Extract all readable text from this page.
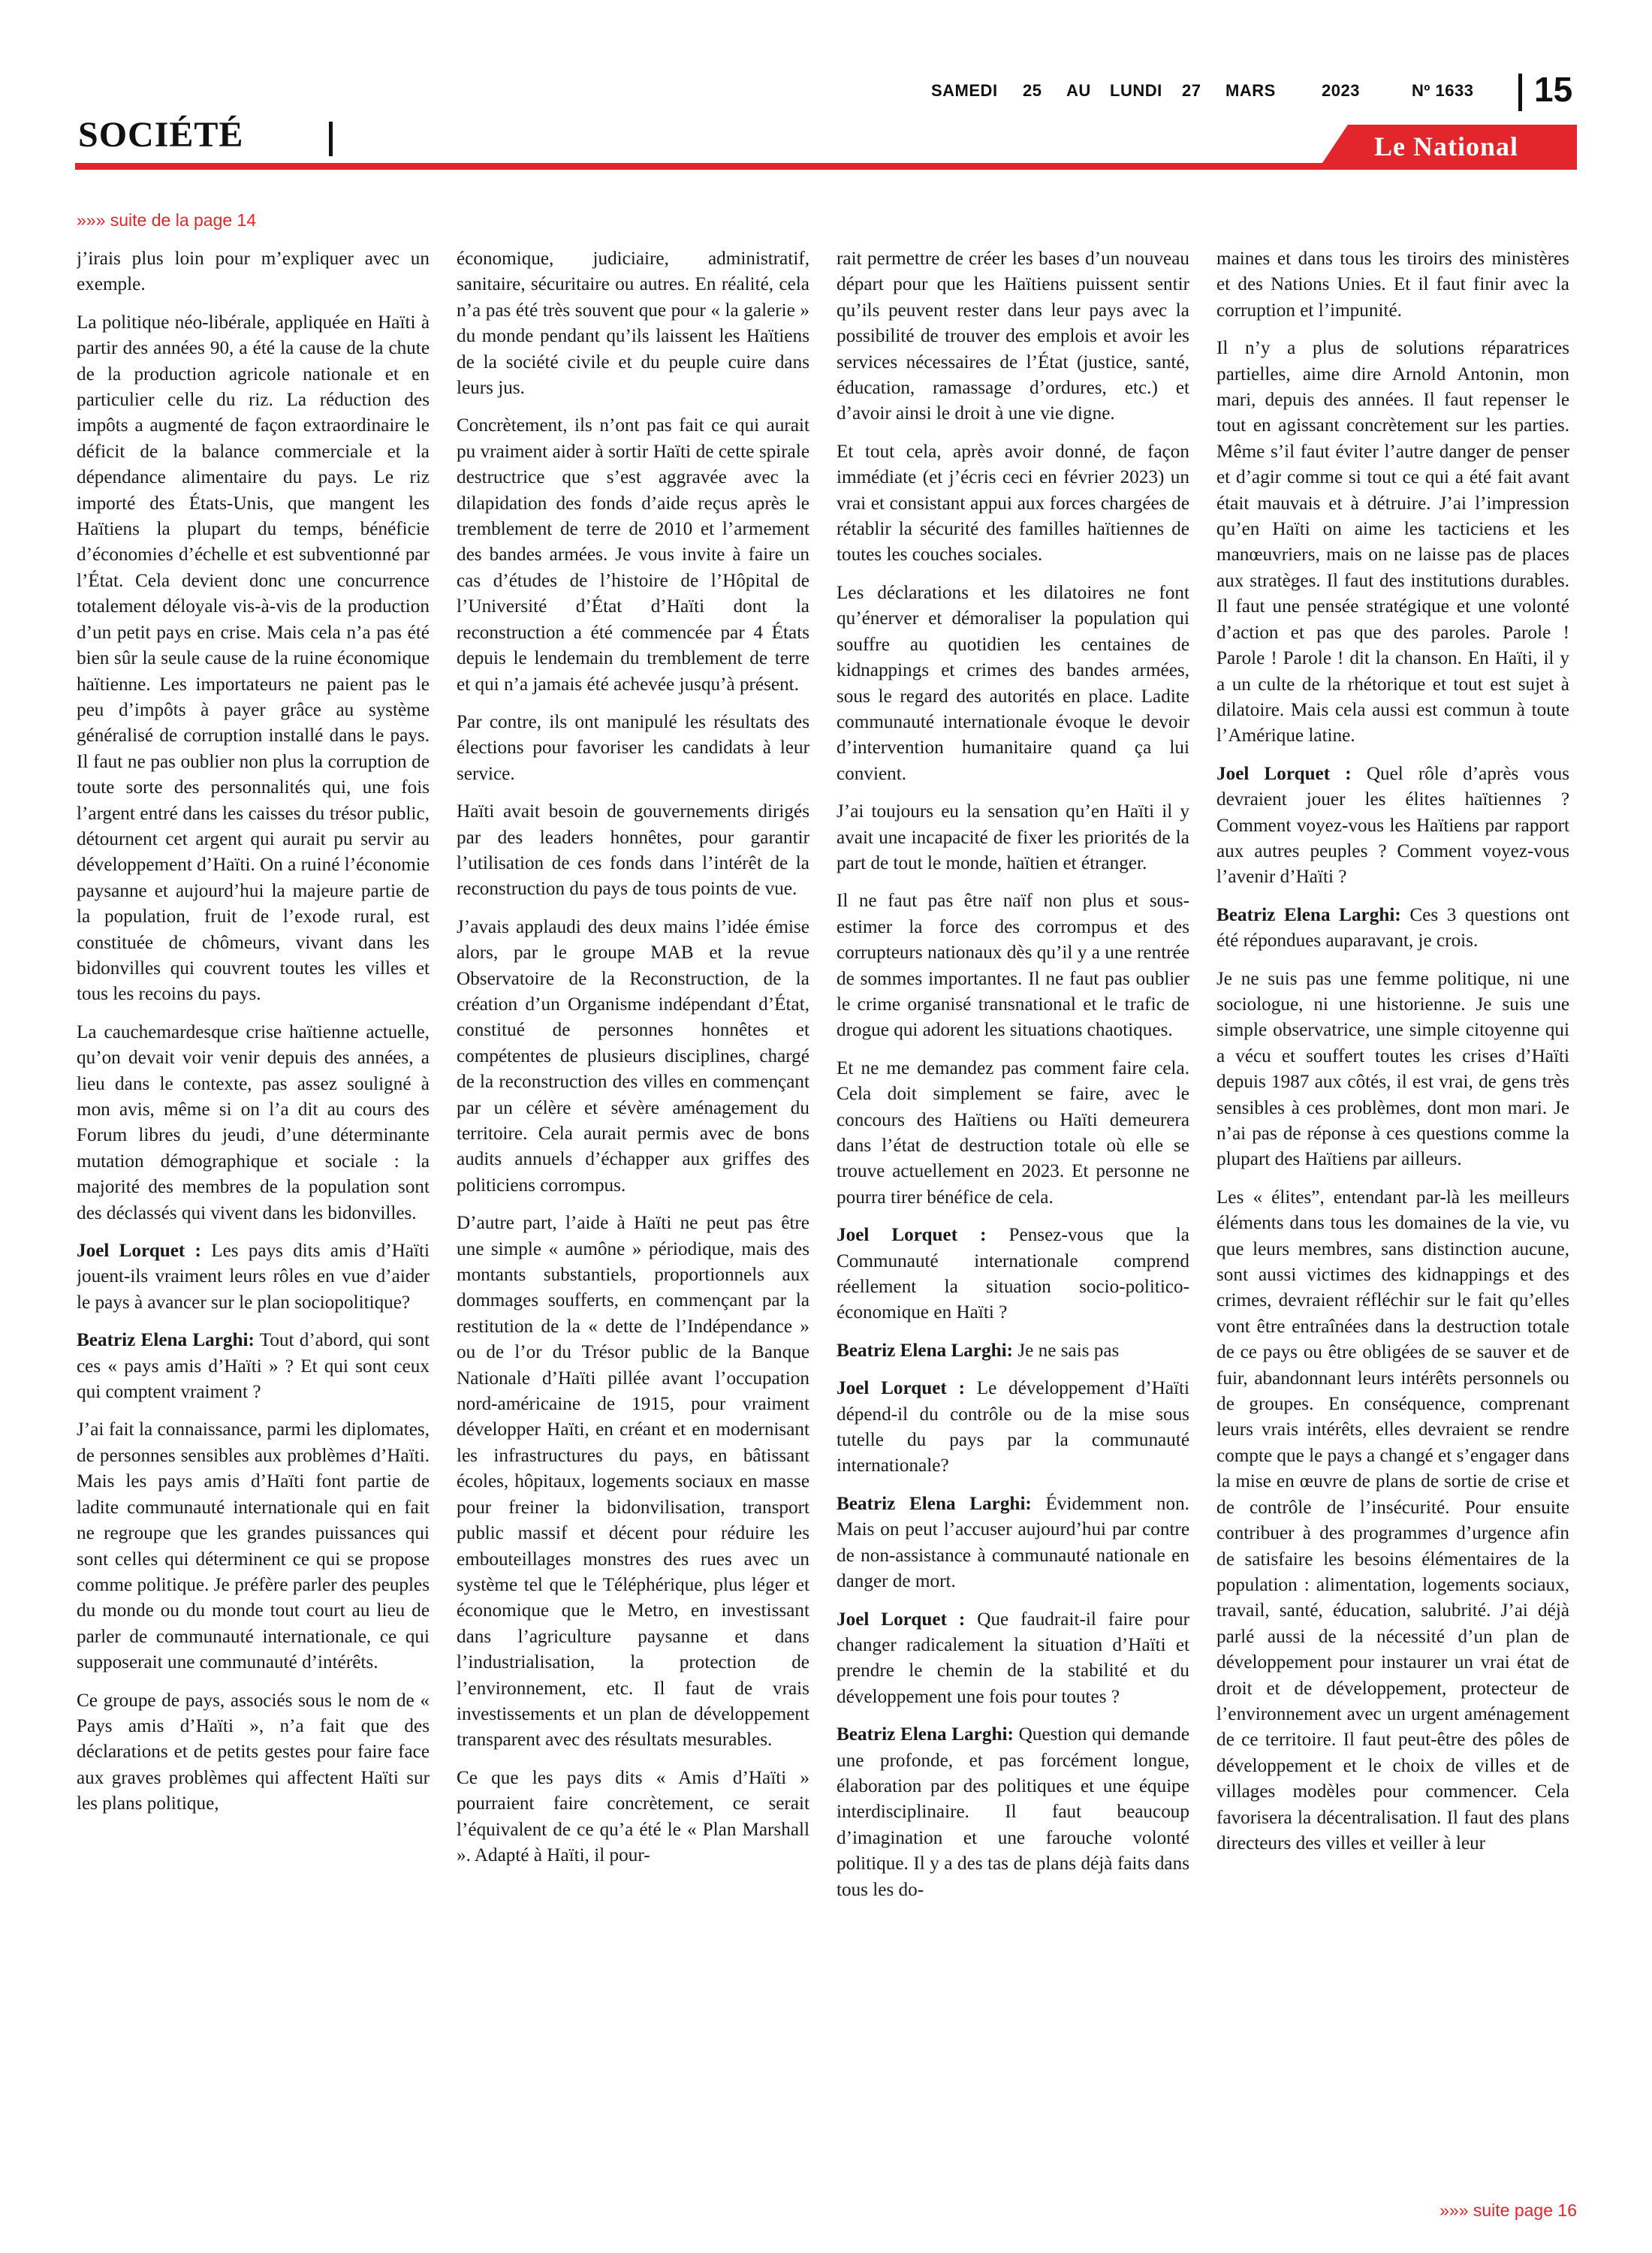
SAMEDI 25 AU LUNDI 27 MARS	2023	Nº 1633 15
SOCIÉTÉ	Le National
»»» suite de la page 14

j’irais plus loin pour m’expliquer avec un exemple.

La politique néo-libérale, appliquée en Haïti à partir des années 90, a été la cause de la chute de la production agricole nationale et en particulier celle du riz. La réduction des impôts a augmenté de façon extraordinaire le déficit de la balance commerciale et la dépendance alimentaire du pays. Le riz importé des États-Unis, que mangent les Haïtiens la plupart du temps, bénéficie d’économies d’échelle et est subventionné par l’État. Cela devient donc une concurrence totalement déloyale vis-à-vis de la production d’un petit pays en crise. Mais cela n’a pas été bien sûr la seule cause de la ruine économique haïtienne. Les importateurs ne paient pas le peu d’impôts à payer grâce au système généralisé de corruption installé dans le pays. Il faut ne pas oublier non plus la corruption de toute sorte des personnalités qui, une fois l’argent entré dans les caisses du trésor public, détournent cet argent qui aurait pu servir au développement d’Haïti. On a ruiné l’économie paysanne et aujourd’hui la majeure partie de la population, fruit de l’exode rural, est constituée de chômeurs, vivant dans les bidonvilles qui couvrent toutes les villes et tous les recoins du pays.

La cauchemardesque crise haïtienne actuelle, qu’on devait voir venir depuis des années, a lieu dans le contexte, pas assez souligné à mon avis, même si on l’a dit au cours des Forum libres du jeudi, d’une déterminante mutation démographique et sociale : la majorité des membres de la population sont des déclassés qui vivent dans les bidonvilles.

Joel Lorquet : Les pays dits amis d’Haïti jouent-ils vraiment leurs rôles en vue d’aider le pays à avancer sur le plan sociopolitique?

Beatriz Elena Larghi: Tout d’abord, qui sont ces « pays amis d’Haïti » ? Et qui sont ceux qui comptent vraiment ?

J’ai fait la connaissance, parmi les diplomates, de personnes sensibles aux problèmes d’Haïti. Mais les pays amis d’Haïti font partie de ladite communauté internationale qui en fait ne regroupe que les grandes puissances qui sont celles qui déterminent ce qui se propose comme politique. Je préfère parler des peuples du monde ou du monde tout court au lieu de parler de communauté internationale, ce qui supposerait une communauté d’intérêts.

Ce groupe de pays, associés sous le nom de « Pays amis d’Haïti », n’a fait que des déclarations et de petits gestes pour faire face aux graves problèmes qui affectent Haïti sur les plans politique,

économique, judiciaire, administratif, sanitaire, sécuritaire ou autres. En réalité, cela n’a pas été très souvent que pour « la galerie » du monde pendant qu’ils laissent les Haïtiens de la société civile et du peuple cuire dans leurs jus.

Concrètement, ils n’ont pas fait ce qui aurait pu vraiment aider à sortir Haïti de cette spirale destructrice que s’est aggravée avec la dilapidation des fonds d’aide reçus après le tremblement de terre de 2010 et l’armement des bandes armées. Je vous invite à faire un cas d’études de l’histoire de l’Hôpital de l’Université d’État d’Haïti dont la reconstruction a été commencée par 4 États depuis le lendemain du tremblement de terre et qui n’a jamais été achevée jusqu’à présent.

Par contre, ils ont manipulé les résultats des élections pour favoriser les candidats à leur service.

Haïti avait besoin de gouvernements dirigés par des leaders honnêtes, pour garantir l’utilisation de ces fonds dans l’intérêt de la reconstruction du pays de tous points de vue.

J’avais applaudi des deux mains l’idée émise alors, par le groupe MAB et la revue Observatoire de la Reconstruction, de la création d’un Organisme indépendant d’État, constitué de personnes honnêtes et compétentes de plusieurs disciplines, chargé de la reconstruction des villes en commençant par un célère et sévère aménagement du territoire. Cela aurait permis avec de bons audits annuels d’échapper aux griffes des politiciens corrompus.

D’autre part, l’aide à Haïti ne peut pas être une simple « aumône » périodique, mais des montants substantiels, proportionnels aux dommages soufferts, en commençant par la restitution de la « dette de l’Indépendance » ou de l’or du Trésor public de la Banque Nationale d’Haïti pillée avant l’occupation nord-américaine de 1915, pour vraiment développer Haïti, en créant et en modernisant les infrastructures du pays, en bâtissant écoles, hôpitaux, logements sociaux en masse pour freiner la bidonvilisation, transport public massif et décent pour réduire les embouteillages monstres des rues avec un système tel que le Téléphérique, plus léger et économique que le Metro, en investissant dans l’agriculture paysanne et dans l’industrialisation, la protection de l’environnement, etc. Il faut de vrais investissements et un plan de développement transparent avec des résultats mesurables.

Ce que les pays dits « Amis d’Haïti » pourraient faire concrètement, ce serait l’équivalent de ce qu’a été le « Plan Marshall ». Adapté à Haïti, il pour-

rait permettre de créer les bases d’un nouveau départ pour que les Haïtiens puissent sentir qu’ils peuvent rester dans leur pays avec la possibilité de trouver des emplois et avoir les services nécessaires de l’État (justice, santé, éducation, ramassage d’ordures, etc.) et d’avoir ainsi le droit à une vie digne.

Et tout cela, après avoir donné, de façon immédiate (et j’écris ceci en février 2023) un vrai et consistant appui aux forces chargées de rétablir la sécurité des familles haïtiennes de toutes les couches sociales.

Les déclarations et les dilatoires ne font qu’énerver et démoraliser la population qui souffre au quotidien les centaines de kidnappings et crimes des bandes armées, sous le regard des autorités en place. Ladite communauté internationale évoque le devoir d’intervention humanitaire quand ça lui convient.

J’ai toujours eu la sensation qu’en Haïti il y avait une incapacité de fixer les priorités de la part de tout le monde, haïtien et étranger.

Il ne faut pas être naïf non plus et sous-estimer la force des corrompus et des corrupteurs nationaux dès qu’il y a une rentrée de sommes importantes. Il ne faut pas oublier le crime organisé transnational et le trafic de drogue qui adorent les situations chaotiques.

Et ne me demandez pas comment faire cela. Cela doit simplement se faire, avec le concours des Haïtiens ou Haïti demeurera dans l’état de destruction totale où elle se trouve actuellement en 2023. Et personne ne pourra tirer bénéfice de cela.

Joel Lorquet : Pensez-vous que la Communauté internationale comprend réellement la situation socio-politico-économique en Haïti ?

Beatriz Elena Larghi: Je ne sais pas

Joel Lorquet : Le développement d’Haïti dépend-il du contrôle ou de la mise sous tutelle du pays par la communauté internationale?

Beatriz Elena Larghi: Évidemment non. Mais on peut l’accuser aujourd’hui par contre de non-assistance à communauté nationale en danger de mort.

Joel Lorquet : Que faudrait-il faire pour changer radicalement la situation d’Haïti et prendre le chemin de la stabilité et du développement une fois pour toutes ?

Beatriz Elena Larghi: Question qui demande une profonde, et pas forcément longue, élaboration par des politiques et une équipe interdisciplinaire. Il faut beaucoup d’imagination et une farouche volonté politique. Il y a des tas de plans déjà faits dans tous les do-

maines et dans tous les tiroirs des ministères et des Nations Unies. Et il faut finir avec la corruption et l’impunité.

Il n’y a plus de solutions réparatrices partielles, aime dire Arnold Antonin, mon mari, depuis des années. Il faut repenser le tout en agissant concrètement sur les parties. Même s’il faut éviter l’autre danger de penser et d’agir comme si tout ce qui a été fait avant était mauvais et à détruire. J’ai l’impression qu’en Haïti on aime les tacticiens et les manœuvriers, mais on ne laisse pas de places aux stratèges. Il faut des institutions durables. Il faut une pensée stratégique et une volonté d’action et pas que des paroles. Parole ! Parole ! Parole ! dit la chanson. En Haïti, il y a un culte de la rhétorique et tout est sujet à dilatoire. Mais cela aussi est commun à toute l’Amérique latine.

Joel Lorquet : Quel rôle d’après vous devraient jouer les élites haïtiennes ? Comment voyez-vous les Haïtiens par rapport aux autres peuples ? Comment voyez-vous l’avenir d’Haïti ?

Beatriz Elena Larghi: Ces 3 questions ont été répondues auparavant, je crois.

Je ne suis pas une femme politique, ni une sociologue, ni une historienne. Je suis une simple observatrice, une simple citoyenne qui a vécu et souffert toutes les crises d’Haïti depuis 1987 aux côtés, il est vrai, de gens très sensibles à ces problèmes, dont mon mari. Je n’ai pas de réponse à ces questions comme la plupart des Haïtiens par ailleurs.

Les « élites”, entendant par-là les meilleurs éléments dans tous les domaines de la vie, vu que leurs membres, sans distinction aucune, sont aussi victimes des kidnappings et des crimes, devraient réfléchir sur le fait qu’elles vont être entraînées dans la destruction totale de ce pays ou être obligées de se sauver et de fuir, abandonnant leurs intérêts personnels ou de groupes. En conséquence, comprenant leurs vrais intérêts, elles devraient se rendre compte que le pays a changé et s’engager dans la mise en œuvre de plans de sortie de crise et de contrôle de l’insécurité. Pour ensuite contribuer à des programmes d’urgence afin de satisfaire les besoins élémentaires de la population : alimentation, logements sociaux, travail, santé, éducation, salubrité. J’ai déjà parlé aussi de la nécessité d’un plan de développement pour instaurer un vrai état de droit et de développement, protecteur de l’environnement avec un urgent aménagement de ce territoire. Il faut peut-être des pôles de développement et le choix de villes et de villages modèles pour commencer. Cela favorisera la décentralisation. Il faut des plans directeurs des villes et veiller à leur

»»» suite page 16
